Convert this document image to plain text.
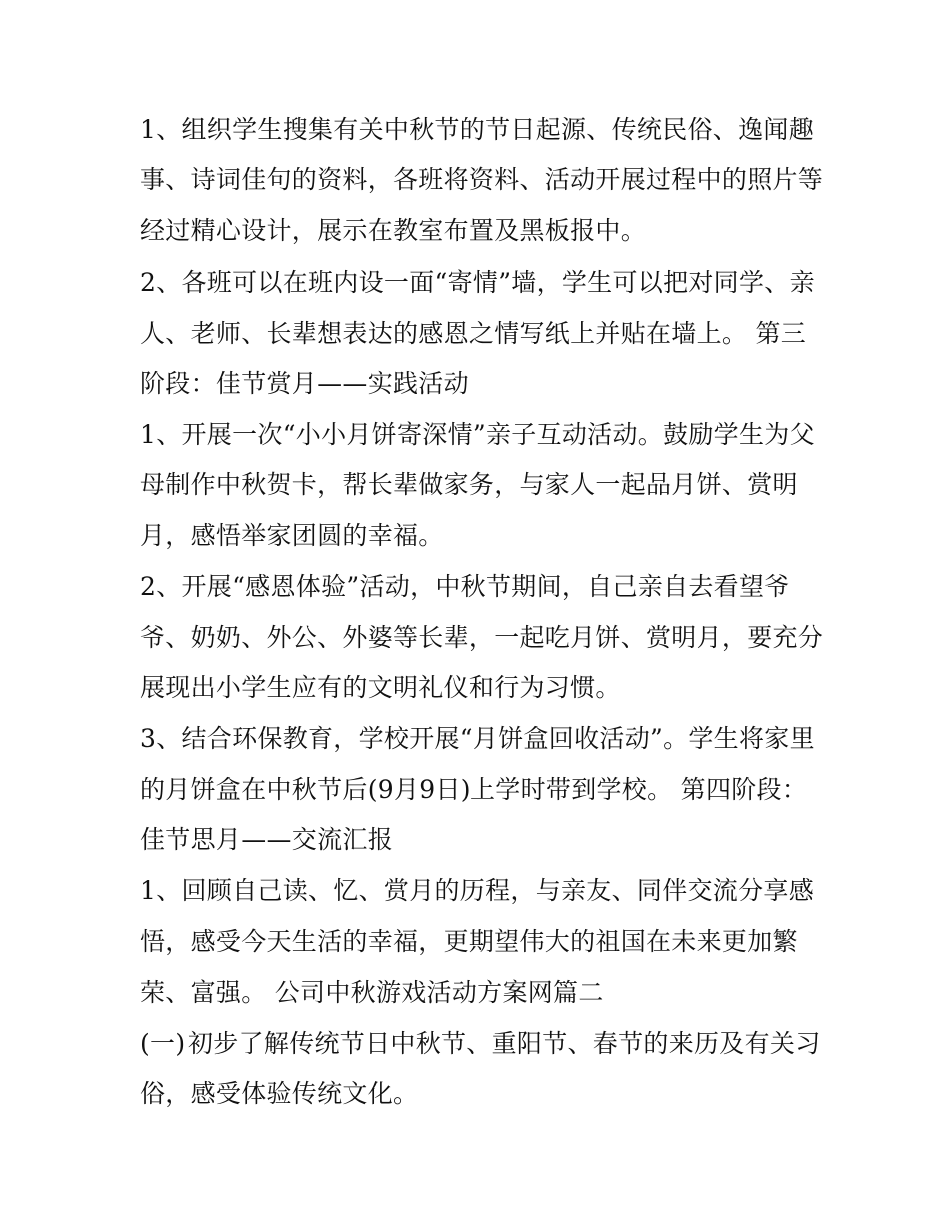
1、组织学生搜集有关中秋节的节日起源、传统民俗、逸闻趣
事、诗词佳句的资料，各班将资料、活动开展过程中的照片等
经过精心设计，展示在教室布置及黑板报中。
2、各班可以在班内设一面“寄情”墙，学生可以把对同学、亲
人、老师、长辈想表达的感恩之情写纸上并贴在墙上。 第三
阶段：佳节赏月——实践活动
1、开展一次“小小月饼寄深情”亲子互动活动。鼓励学生为父
母制作中秋贺卡，帮长辈做家务，与家人一起品月饼、赏明
月，感悟举家团圆的幸福。
2、开展“感恩体验”活动，中秋节期间，自己亲自去看望爷
爷、奶奶、外公、外婆等长辈，一起吃月饼、赏明月，要充分
展现出小学生应有的文明礼仪和行为习惯。
3、结合环保教育，学校开展“月饼盒回收活动”。学生将家里
的月饼盒在中秋节后(9月9日) 上学时带到学校。 第四阶段：
佳节思月——交流汇报
1、回顾自己读、忆、赏月的历程，与亲友、同伴交流分享感
悟，感受今天生活的幸福，更期望伟大的祖国在未来更加繁
荣、富强。 公司中秋游戏活动方案网篇二
(一) 初步了解传统节日中秋节、重阳节、春节的来历及有关习
俗，感受体验传统文化。
